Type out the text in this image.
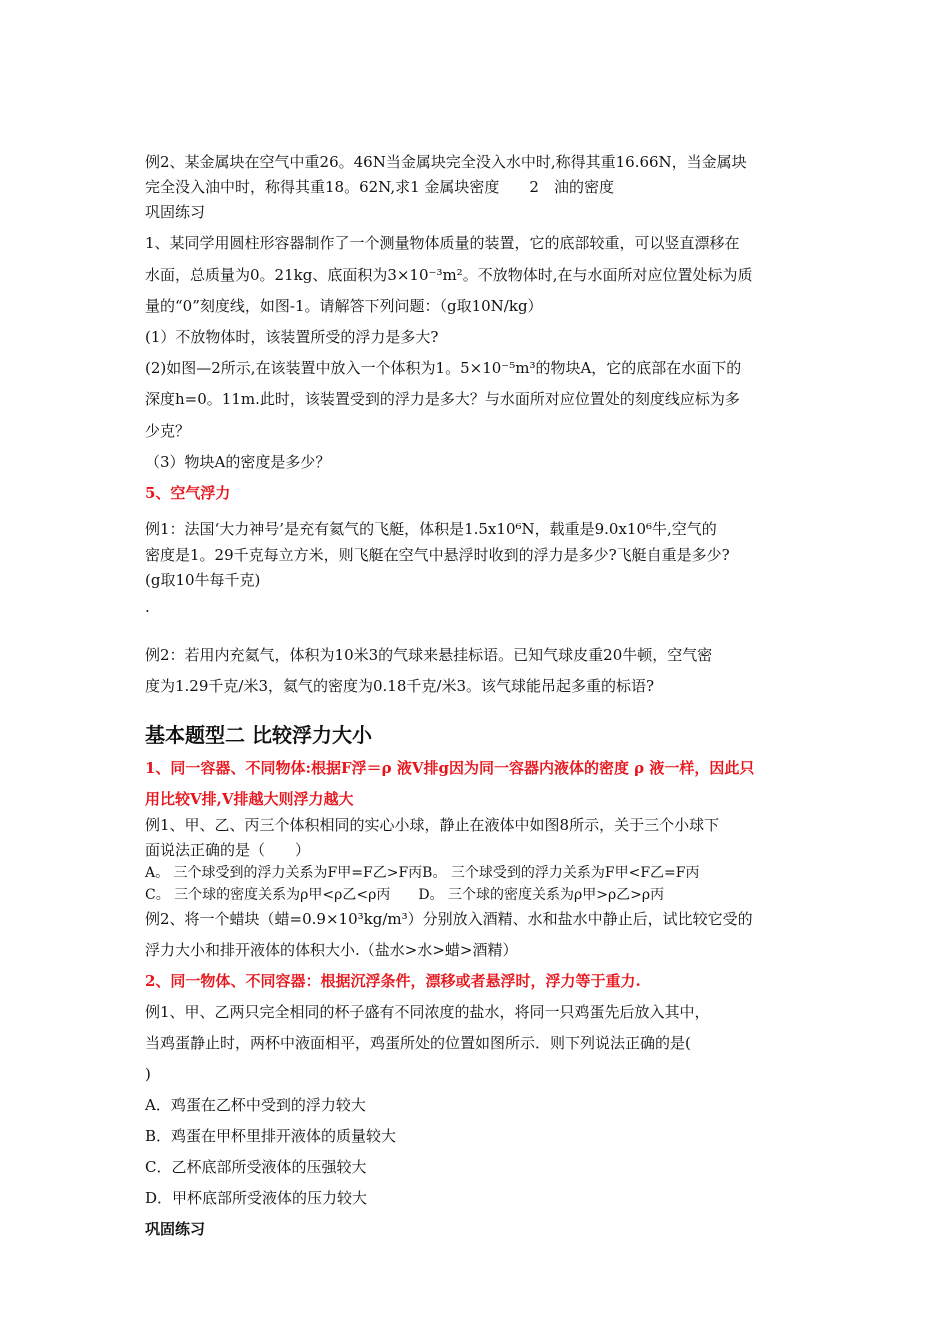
例2、某金属块在空气中重26。46N当金属块完全没入水中时,称得其重16.66N，当金属块
完全没入油中时，称得其重18。62N,求1 金属块密度　　2　油的密度
巩固练习
1、某同学用圆柱形容器制作了一个测量物体质量的装置，它的底部较重，可以竖直漂移在
水面，总质量为0。21kg、底面积为3×10⁻³m²。不放物体时,在与水面所对应位置处标为质
量的“0”刻度线，如图-1。请解答下列问题：（g取10N/kg）
(1）不放物体时，该装置所受的浮力是多大?
(2)如图—2所示,在该装置中放入一个体积为1。5×10⁻⁵m³的物块A，它的底部在水面下的
深度h=0。11m.此时，该装置受到的浮力是多大？与水面所对应位置处的刻度线应标为多
少克？
（3）物块A的密度是多少？
5、空气浮力
例1：法国‘大力神号’是充有氦气的飞艇，体积是1.5x10⁶N，载重是9.0x10⁶牛,空气的
密度是1。29千克每立方米，则飞艇在空气中悬浮时收到的浮力是多少?飞艇自重是多少?
(g取10牛每千克)
.
例2：若用内充氦气，体积为10米3的气球来悬挂标语。已知气球皮重20牛顿，空气密
度为1.29千克/米3，氦气的密度为0.18千克/米3。该气球能吊起多重的标语?
基本题型二 比较浮力大小
1、同一容器、不同物体:根据F浮＝ρ 液V排g因为同一容器内液体的密度 ρ 液一样，因此只
用比较V排,V排越大则浮力越大
例1、甲、乙、丙三个体积相同的实心小球，静止在液体中如图8所示，关于三个小球下
面说法正确的是（　　）
A。 三个球受到的浮力关系为F甲=F乙>F丙B。 三个球受到的浮力关系为F甲<F乙=F丙
C。 三个球的密度关系为ρ甲<ρ乙<ρ丙　　D。 三个球的密度关系为ρ甲>ρ乙>ρ丙
例2、将一个蜡块（蜡=0.9×10³kg/m³）分别放入酒精、水和盐水中静止后，试比较它受的
浮力大小和排开液体的体积大小.（盐水>水>蜡>酒精）
2、同一物体、不同容器：根据沉浮条件，漂移或者悬浮时，浮力等于重力.
例1、甲、乙两只完全相同的杯子盛有不同浓度的盐水，将同一只鸡蛋先后放入其中，
当鸡蛋静止时，两杯中液面相平，鸡蛋所处的位置如图所示．则下列说法正确的是(
)
A．鸡蛋在乙杯中受到的浮力较大
B．鸡蛋在甲杯里排开液体的质量较大
C．乙杯底部所受液体的压强较大
D．甲杯底部所受液体的压力较大
巩固练习
